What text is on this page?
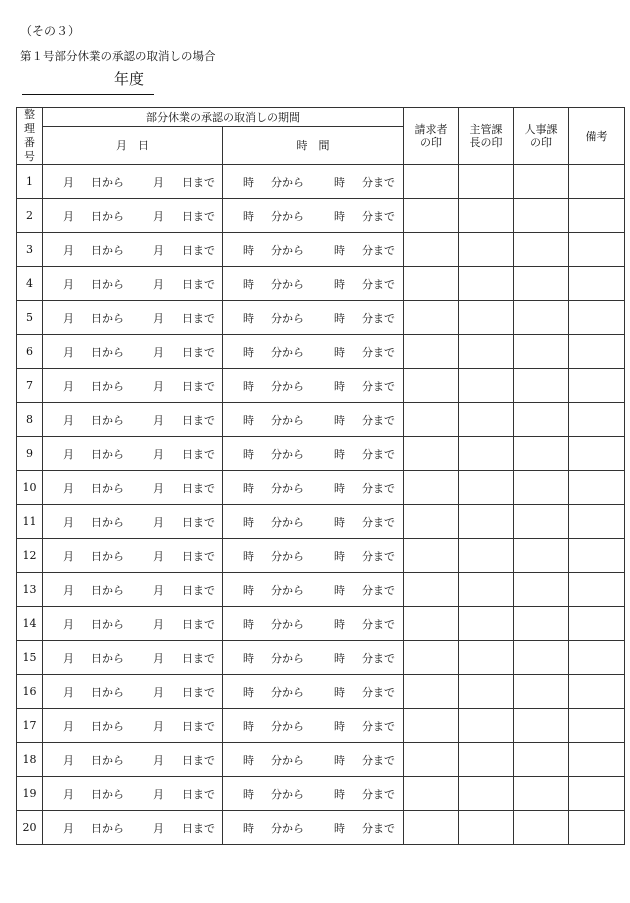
（その３）
第１号部分休業の承認の取消しの場合
年度
整理番号	部分休業の承認の取消しの期間		請求者の印	主管課長の印	人事課の印	備考
	月　日	時　間				
1	月 日から 月 日まで	時 分から 時 分まで				

2	月 日から 月 日まで	時 分から 時 分まで				

3	月 日から 月 日まで	時 分から 時 分まで				

4	月 日から 月 日まで	時 分から 時 分まで				

5	月 日から 月 日まで	時 分から 時 分まで				

6	月 日から 月 日まで	時 分から 時 分まで				

7	月 日から 月 日まで	時 分から 時 分まで				

8	月 日から 月 日まで	時 分から 時 分まで				

9	月 日から 月 日まで	時 分から 時 分まで				

10	月 日から 月 日まで	時 分から 時 分まで				

11	月 日から 月 日まで	時 分から 時 分まで				

12	月 日から 月 日まで	時 分から 時 分まで				

13	月 日から 月 日まで	時 分から 時 分まで				

14	月 日から 月 日まで	時 分から 時 分まで				

15	月 日から 月 日まで	時 分から 時 分まで				

16	月 日から 月 日まで	時 分から 時 分まで				

17	月 日から 月 日まで	時 分から 時 分まで				

18	月 日から 月 日まで	時 分から 時 分まで				

19	月 日から 月 日まで	時 分から 時 分まで				

20	月 日から 月 日まで	時 分から 時 分まで				
